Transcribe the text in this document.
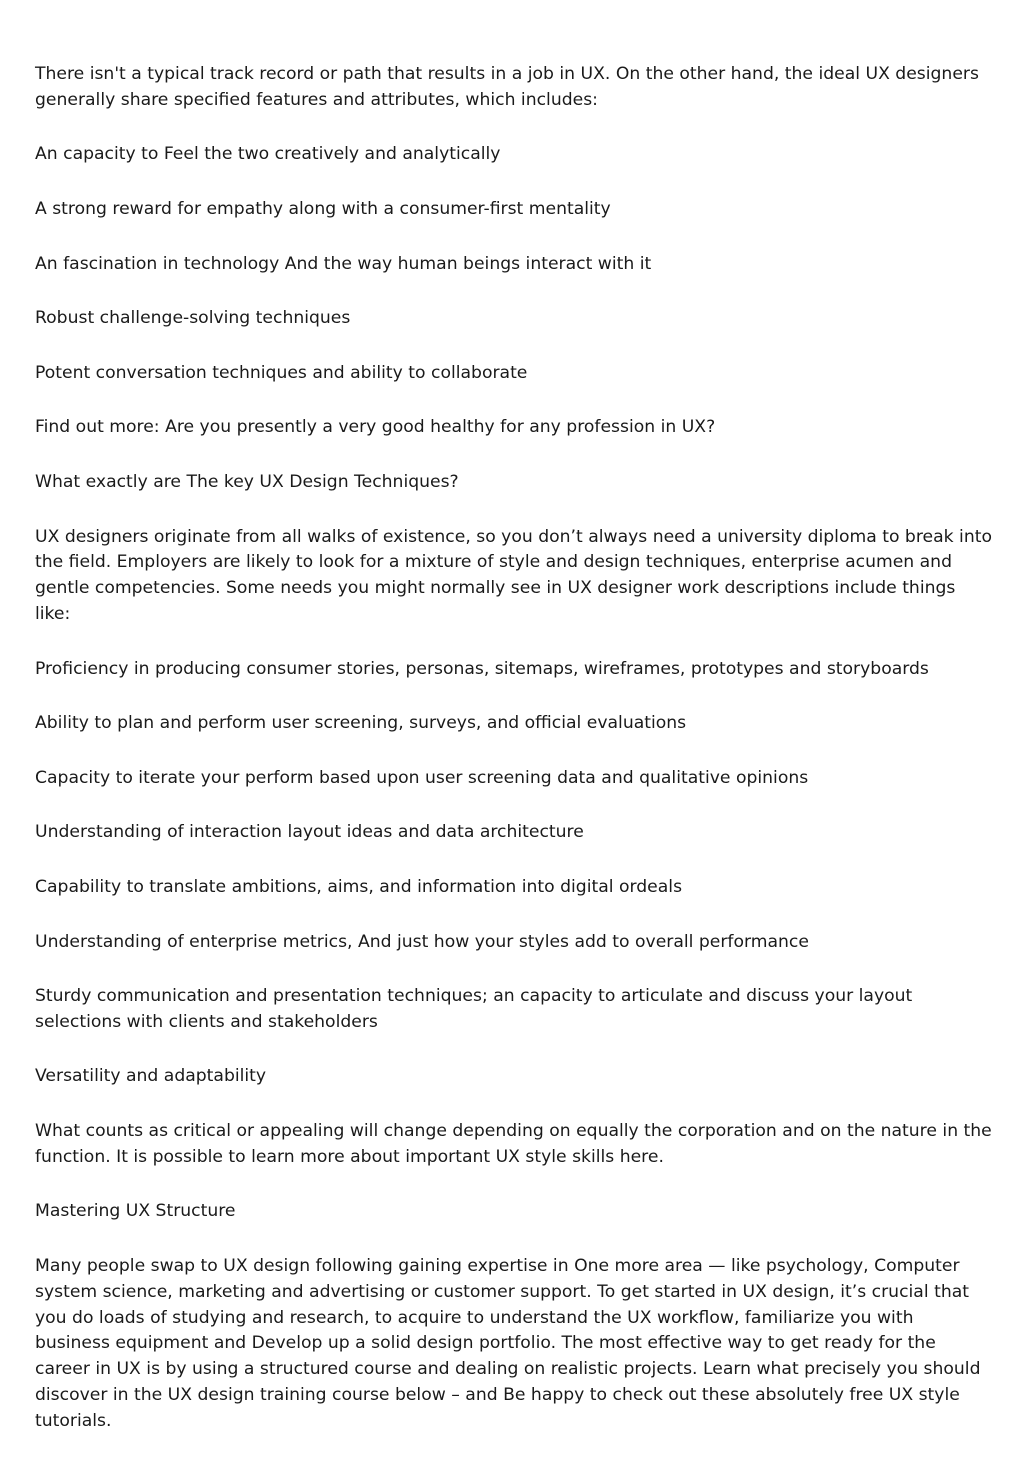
There isn't a typical track record or path that results in a job in UX. On the other hand, the ideal UX designers generally share specified features and attributes, which includes:

An capacity to Feel the two creatively and analytically

A strong reward for empathy along with a consumer-first mentality

An fascination in technology And the way human beings interact with it

Robust challenge-solving techniques

Potent conversation techniques and ability to collaborate

Find out more: Are you presently a very good healthy for any profession in UX?

What exactly are The key UX Design Techniques?

UX designers originate from all walks of existence, so you don’t always need a university diploma to break into the field. Employers are likely to look for a mixture of style and design techniques, enterprise acumen and gentle competencies. Some needs you might normally see in UX designer work descriptions include things like:

Proficiency in producing consumer stories, personas, sitemaps, wireframes, prototypes and storyboards

Ability to plan and perform user screening, surveys, and official evaluations

Capacity to iterate your perform based upon user screening data and qualitative opinions

Understanding of interaction layout ideas and data architecture

Capability to translate ambitions, aims, and information into digital ordeals

Understanding of enterprise metrics, And just how your styles add to overall performance

Sturdy communication and presentation techniques; an capacity to articulate and discuss your layout selections with clients and stakeholders

Versatility and adaptability

What counts as critical or appealing will change depending on equally the corporation and on the nature in the function. It is possible to learn more about important UX style skills here.

Mastering UX Structure

Many people swap to UX design following gaining expertise in One more area — like psychology, Computer system science, marketing and advertising or customer support. To get started in UX design, it’s crucial that you do loads of studying and research, to acquire to understand the UX workflow, familiarize you with business equipment and Develop up a solid design portfolio. The most effective way to get ready for the career in UX is by using a structured course and dealing on realistic projects. Learn what precisely you should discover in the UX design training course below – and Be happy to check out these absolutely free UX style tutorials.
